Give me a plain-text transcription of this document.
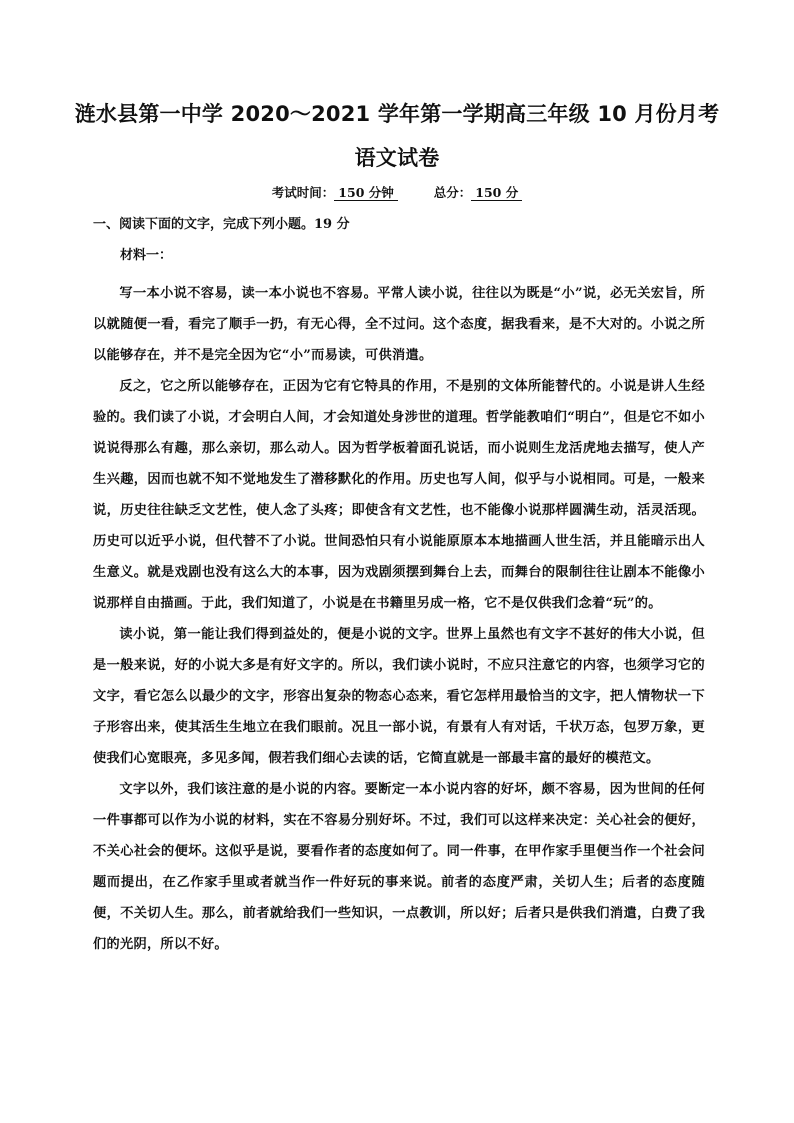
涟水县第一中学 2020～2021 学年第一学期高三年级 10 月份月考
语文试卷
考试时间： 150 分钟	总分： 150 分
一、阅读下面的文字，完成下列小题。19 分
材料一：

写一本小说不容易，读一本小说也不容易。平常人读小说，往往以为既是“小”说，必无关宏旨，所以就随便一看，看完了顺手一扔，有无心得，全不过问。这个态度，据我看来，是不大对的。小说之所以能够存在，并不是完全因为它“小”而易读，可供消遣。

反之，它之所以能够存在，正因为它有它特具的作用，不是别的文体所能替代的。小说是讲人生经验的。我们读了小说，才会明白人间，才会知道处身涉世的道理。哲学能教咱们“明白”，但是它不如小说说得那么有趣，那么亲切，那么动人。因为哲学板着面孔说话，而小说则生龙活虎地去描写，使人产生兴趣，因而也就不知不觉地发生了潜移默化的作用。历史也写人间，似乎与小说相同。可是，一般来说，历史往往缺乏文艺性，使人念了头疼；即使含有文艺性，也不能像小说那样圆满生动，活灵活现。历史可以近乎小说，但代替不了小说。世间恐怕只有小说能原原本本地描画人世生活，并且能暗示出人生意义。就是戏剧也没有这么大的本事，因为戏剧须摆到舞台上去，而舞台的限制往往让剧本不能像小说那样自由描画。于此，我们知道了，小说是在书籍里另成一格，它不是仅供我们念着“玩”的。

读小说，第一能让我们得到益处的，便是小说的文字。世界上虽然也有文字不甚好的伟大小说，但是一般来说，好的小说大多是有好文字的。所以，我们读小说时，不应只注意它的内容，也须学习它的文字，看它怎么以最少的文字，形容出复杂的物态心态来，看它怎样用最恰当的文字，把人情物状一下子形容出来，使其活生生地立在我们眼前。况且一部小说，有景有人有对话，千状万态，包罗万象，更使我们心宽眼亮，多见多闻，假若我们细心去读的话，它简直就是一部最丰富的最好的模范文。

文字以外，我们该注意的是小说的内容。要断定一本小说内容的好坏，颇不容易，因为世间的任何一件事都可以作为小说的材料，实在不容易分别好坏。不过，我们可以这样来决定：关心社会的便好，不关心社会的便坏。这似乎是说，要看作者的态度如何了。同一件事，在甲作家手里便当作一个社会问题而提出，在乙作家手里或者就当作一件好玩的事来说。前者的态度严肃，关切人生；后者的态度随便，不关切人生。那么，前者就给我们一些知识，一点教训，所以好；后者只是供我们消遣，白费了我们的光阴，所以不好。
